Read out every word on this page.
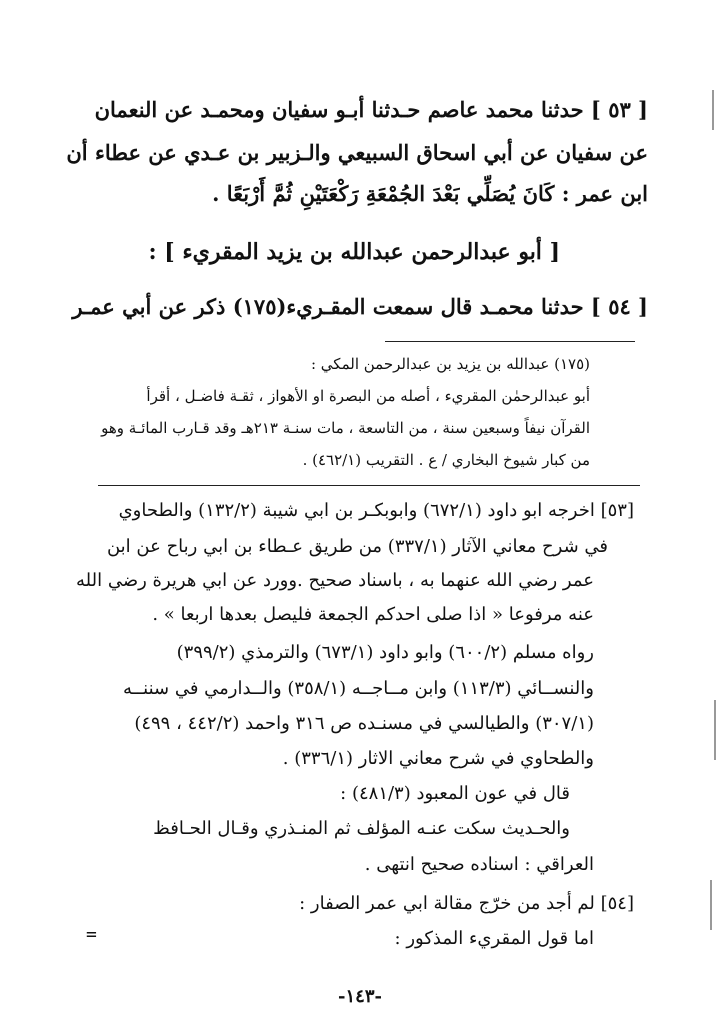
[ ٥٣ ] حدثنا محمد عاصم حـدثنا أبـو سفيان ومحمـد عن النعمان
عن سفيان عن أبي اسحاق السبيعي والـزبير بن عـدي عن عطاء أن
ابن عمر : كَانَ يُصَلِّي بَعْدَ الجُمْعَةِ رَكْعَتَيْنِ ثُمَّ أَرْبَعًا .
[ أبو عبدالرحمن عبدالله بن يزيد المقريء ] :
[ ٥٤ ] حدثنا محمـد قال سمعت المقـريء(١٧٥) ذكر عن أبي عمـر
(١٧٥) عبدالله بن يزيد بن عبدالرحمن المكي :
أبو عبدالرحمٰن المقريء ، أصله من البصرة او الأهواز ، ثقـة فاضـل ، أقرأ
القرآن نيفاً وسبعين سنة ، من التاسعة ، مات سنـة ٢١٣هـ وقد قـارب المائـة وهو
من كبار شيوخ البخاري / ع . التقريب (٤٦٢/١) .
[٥٣] اخرجه ابو داود (٦٧٢/١) وابوبكـر بن ابي شيبة (١٣٢/٢) والطحاوي
في شرح معاني الآثار (٣٣٧/١) من طريق عـطاء بن ابي رباح عن ابن
عمر رضي الله عنهما به ، باسناد صحيح .وورد عن ابي هريرة رضي الله
عنه مرفوعا « اذا صلى احدكم الجمعة فليصل بعدها اربعا » .
رواه مسلم (٦٠٠/٢) وابو داود (٦٧٣/١) والترمذي (٣٩٩/٢)
والنســائي (١١٣/٣) وابن مــاجــه (٣٥٨/١) والــدارمي في سننــه
(٣٠٧/١) والطيالسي في مسنـده ص ٣١٦ واحمد (٤٤٢/٢ ، ٤٩٩)
والطحاوي في شرح معاني الاثار (٣٣٦/١) .
قال في عون المعبود (٤٨١/٣) :
والحـديث سكت عنـه المؤلف ثم المنـذري وقـال الحـافظ
العراقي : اسناده صحيح انتهى .
[٥٤] لم أجد من خرّج مقالة ابي عمر الصفار :
اما قول المقريء المذكور :
=
-١٤٣-
